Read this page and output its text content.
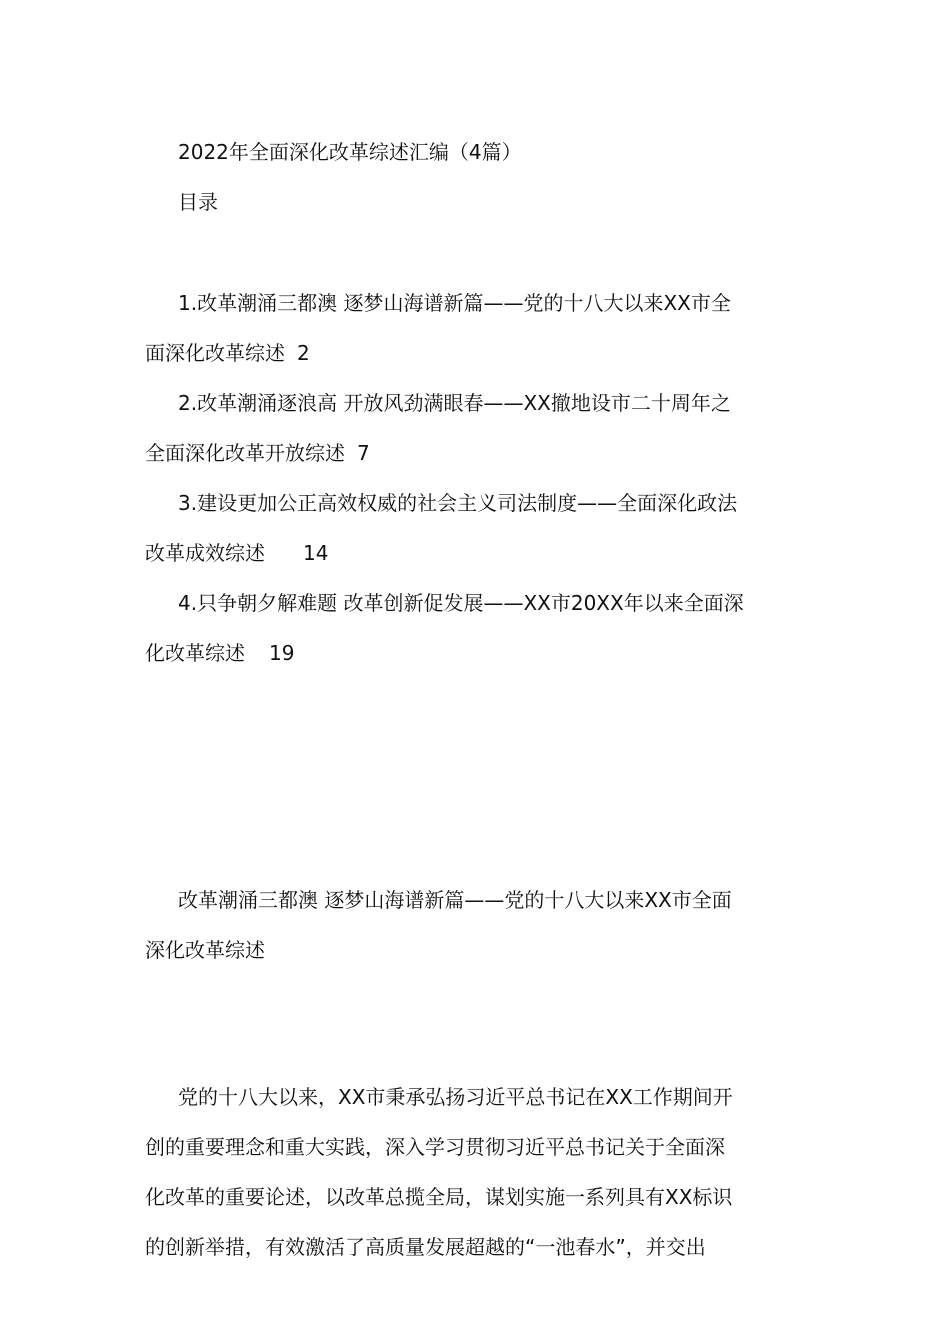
2022年全面深化改革综述汇编（4篇）
目录
1.改革潮涌三都澳 逐梦山海谱新篇——党的十八大以来XX市全
面深化改革综述 2
2.改革潮涌逐浪高 开放风劲满眼春——XX撤地设市二十周年之
全面深化改革开放综述 7
3.建设更加公正高效权威的社会主义司法制度——全面深化政法
改革成效综述 14
4.只争朝夕解难题 改革创新促发展——XX市20XX年以来全面深
化改革综述 19
改革潮涌三都澳 逐梦山海谱新篇——党的十八大以来XX市全面
深化改革综述
党的十八大以来，XX市秉承弘扬习近平总书记在XX工作期间开
创的重要理念和重大实践，深入学习贯彻习近平总书记关于全面深
化改革的重要论述，以改革总揽全局，谋划实施一系列具有XX标识
的创新举措，有效激活了高质量发展超越的“一池春水”，并交出
